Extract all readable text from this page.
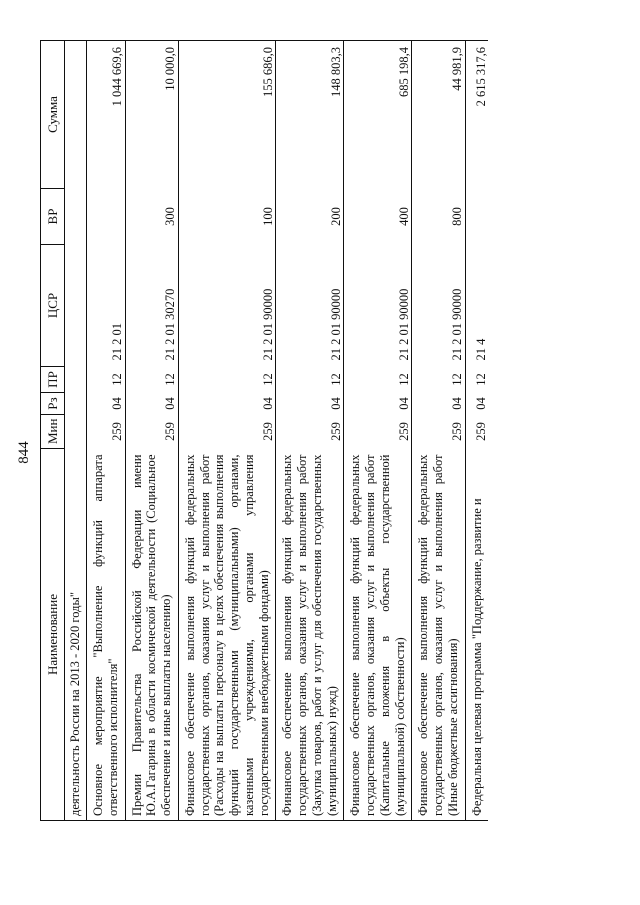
844
Наименование	Мин	Рз	ПР	ЦСР	ВР	Сумма
деятельность России на 2013 - 2020 годы"						
Основное мероприятие "Выполнение функций аппарата ответственного исполнителя"	259	04	12	21 2 01		1 044 669,6
Премии Правительства Российской Федерации имени Ю.А.Гагарина в области космической деятельности (Социальное обеспечение и иные выплаты населению)	259	04	12	21 2 01 30270	300	10 000,0
Финансовое обеспечение выполнения функций федеральных государственных органов, оказания услуг и выполнения работ (Расходы на выплаты персоналу в целях обеспечения выполнения функций государственными (муниципальными) органами, казенными учреждениями, органами управления государственными внебюджетными фондами)	259	04	12	21 2 01 90000	100	155 686,0
Финансовое обеспечение выполнения функций федеральных государственных органов, оказания услуг и выполнения работ (Закупка товаров, работ и услуг для обеспечения государственных (муниципальных) нужд)	259	04	12	21 2 01 90000	200	148 803,3
Финансовое обеспечение выполнения функций федеральных государственных органов, оказания услуг и выполнения работ (Капитальные вложения в объекты государственной (муниципальной) собственности)	259	04	12	21 2 01 90000	400	685 198,4
Финансовое обеспечение выполнения функций федеральных государственных органов, оказания услуг и выполнения работ (Иные бюджетные ассигнования)	259	04	12	21 2 01 90000	800	44 981,9
Федеральная целевая программа "Поддержание, развитие и	259	04	12	21 4		2 615 317,6
